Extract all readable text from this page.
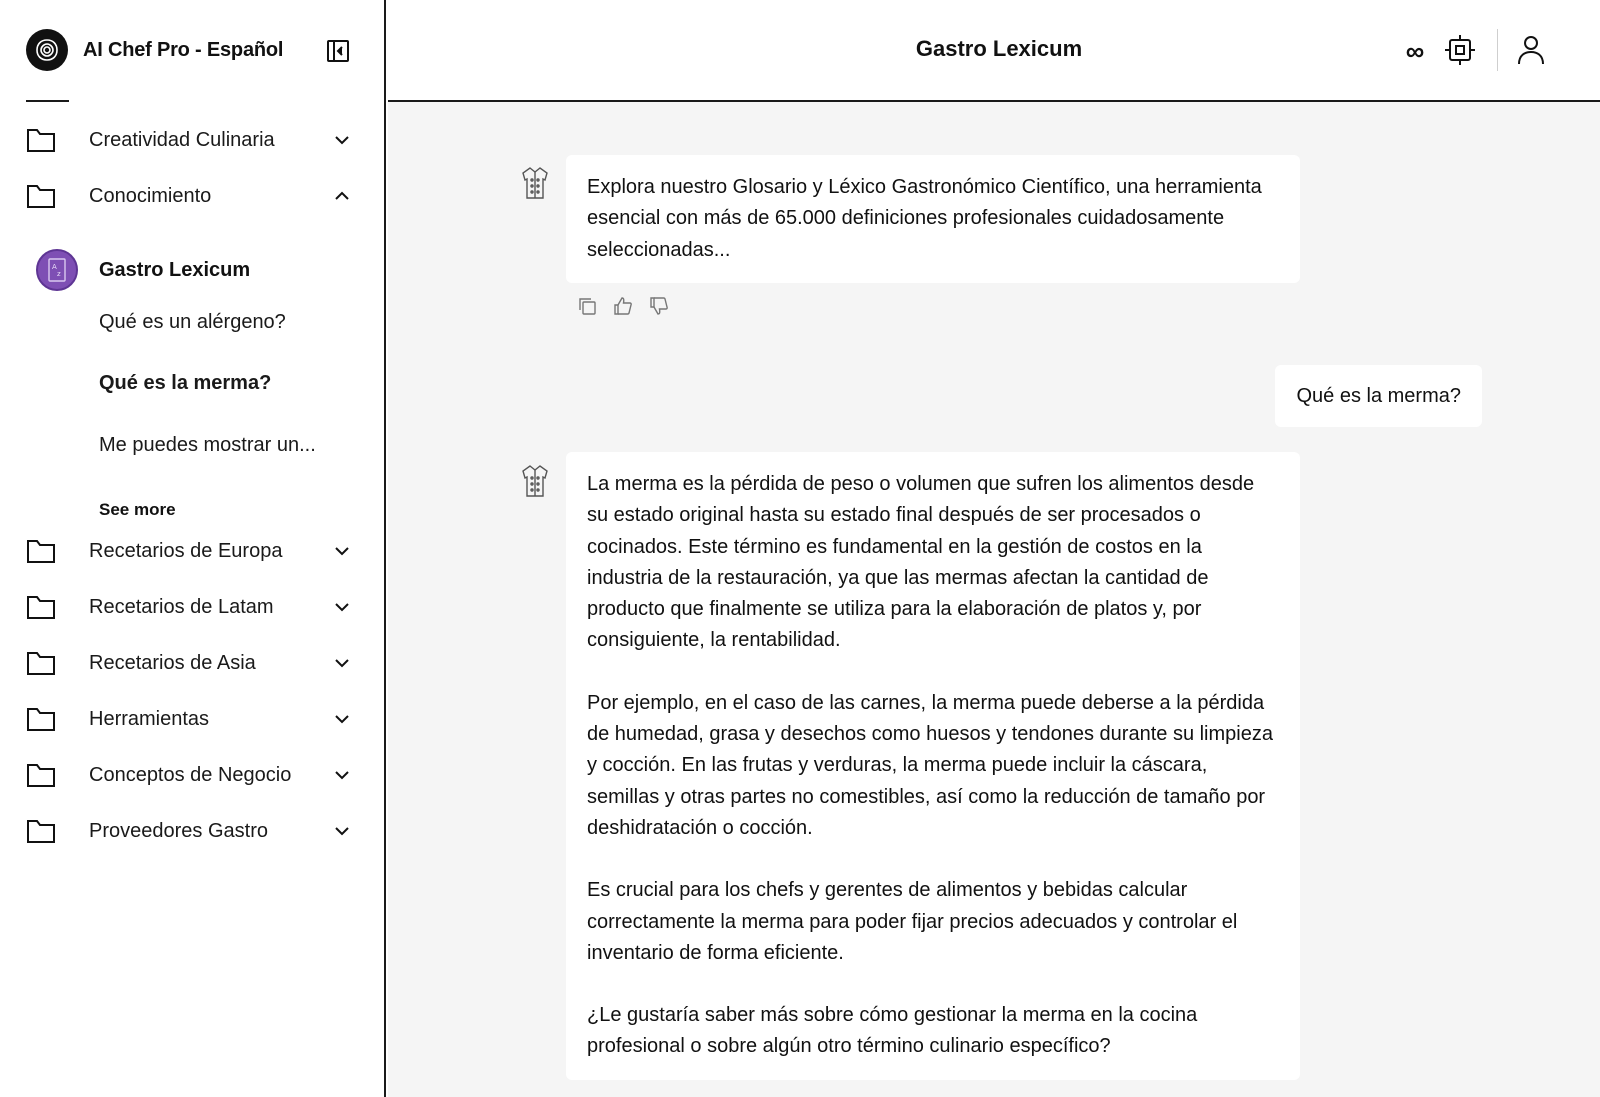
AI Chef Pro - Español
Creatividad Culinaria
Conocimiento
A
z Gastro Lexicum
Qué es un alérgeno?
Qué es la merma?
Me puedes mostrar un...
See more
Recetarios de Europa
Recetarios de Latam
Recetarios de Asia
Herramientas
Conceptos de Negocio
Proveedores Gastro
Gastro Lexicum	∞

Explora nuestro Glosario y Léxico Gastronómico Científico, una herramienta esencial con más de 65.000 definiciones profesionales cuidadosamente seleccionadas...

Qué es la merma?

La merma es la pérdida de peso o volumen que sufren los alimentos desde su estado original hasta su estado final después de ser procesados o cocinados. Este término es fundamental en la gestión de costos en la industria de la restauración, ya que las mermas afectan la cantidad de producto que finalmente se utiliza para la elaboración de platos y, por consiguiente, la rentabilidad.

Por ejemplo, en el caso de las carnes, la merma puede deberse a la pérdida de humedad, grasa y desechos como huesos y tendones durante su limpieza y cocción. En las frutas y verduras, la merma puede incluir la cáscara, semillas y otras partes no comestibles, así como la reducción de tamaño por deshidratación o cocción.

Es crucial para los chefs y gerentes de alimentos y bebidas calcular correctamente la merma para poder fijar precios adecuados y controlar el inventario de forma eficiente.

¿Le gustaría saber más sobre cómo gestionar la merma en la cocina profesional o sobre algún otro término culinario específico?
